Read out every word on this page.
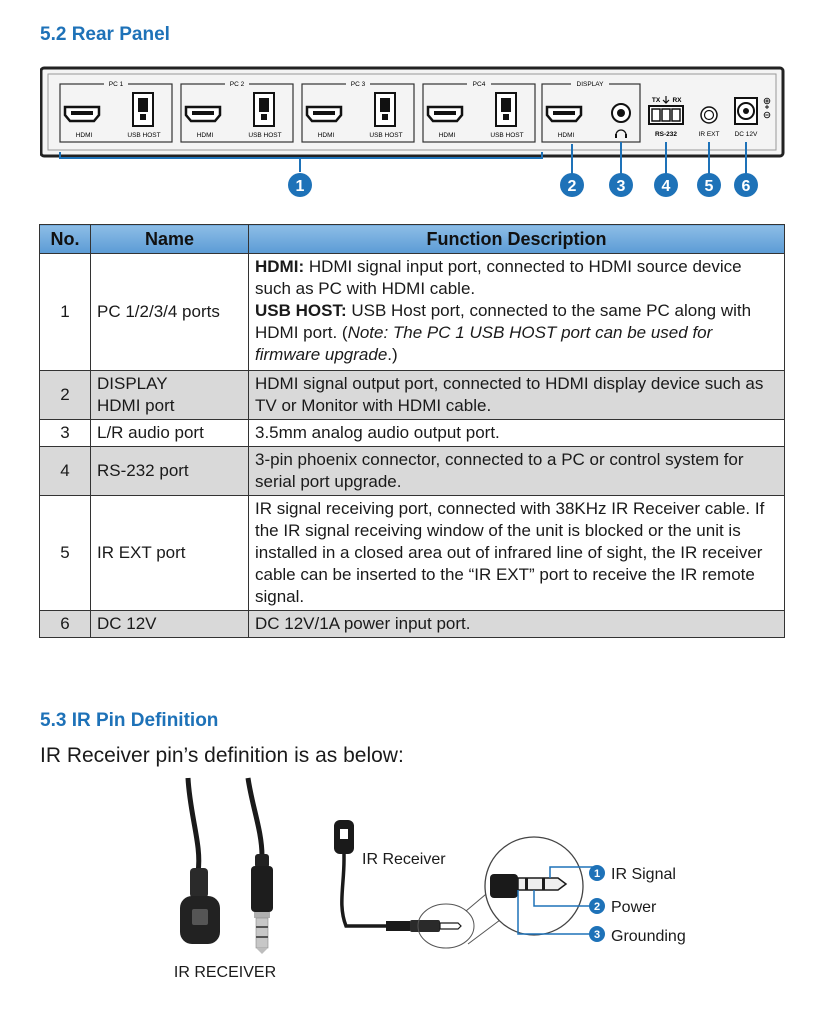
5.2 Rear Panel
PC 1
HDMI	USB HOST
PC 2
HDMI	USB HOST
PC 3
HDMI	USB HOST
PC4
HDMI	USB HOST
DISPLAY
HDMI
TX RX
RS-232	IR EXT DC 12V
1	2	3 4 5 6
No.	Name	Function Description
1	PC 1/2/3/4 ports	HDMI: HDMI signal input port, connected to HDMI source device such as PC with HDMI cable.
USB HOST: USB Host port, connected to the same PC along with HDMI port. (Note: The PC 1 USB HOST port can be used for firmware upgrade.)
2	DISPLAY
HDMI port	HDMI signal output port, connected to HDMI display device such as TV or Monitor with HDMI cable.
3	L/R audio port	3.5mm analog audio output port.
4	RS-232 port	3-pin phoenix connector, connected to a PC or control system for serial port upgrade.
5	IR EXT port	IR signal receiving port, connected with 38KHz IR Receiver cable. If the IR signal receiving window of the unit is blocked or the unit is installed in a closed area out of infrared line of sight, the IR receiver cable can be inserted to the “IR EXT” port to receive the IR remote signal.
6	DC 12V	DC 12V/1A power input port.
5.3 IR Pin Definition

IR Receiver pin’s definition is as below:

IR RECEIVER
IR Receiver
1 IR Signal
2 Power
3 Grounding
